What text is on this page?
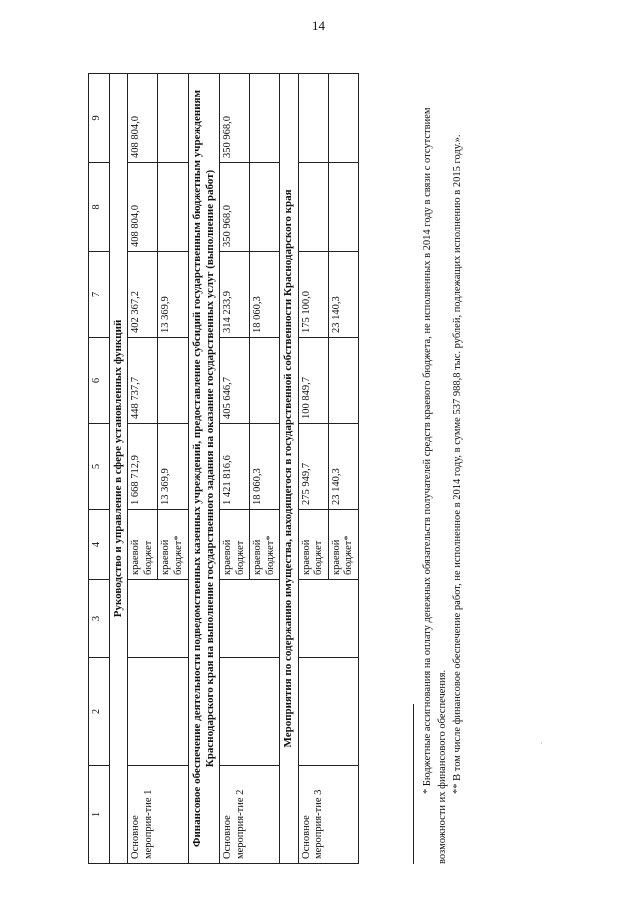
14
1	2	3	4	5	6	7	8	9
Руководство и управление в сфере установленных функций								
Основное мероприя-тие 1			краевой бюджет	1 668 712,9	448 737,7	402 367,2	408 804,0	408 804,0
			краевой бюджет*	13 369,9		13 369,9		
Финансовое обеспечение деятельности подведомственных казенных учреждений, предоставление субсидий государственным бюджетным учреждениям Краснодарского края на выполнение государственного задания на оказание государственных услуг (выполнение работ)								
Основное мероприя-тие 2			краевой бюджет	1 421 816,6	405 646,7	314 233,9	350 968,0	350 968,0
			краевой бюджет*	18 060,3		18 060,3		
Мероприятия по содержанию имущества, находящегося в государственной собственности Краснодарского края								
Основное мероприя-тие 3			краевой бюджет	275 949,7	100 849,7	175 100,0		
			краевой бюджет*	23 140,3		23 140,3			* Бюджетные ассигнования на оплату денежных обязательств получателей средств краевого бюджета, не исполненных в 2014 году в связи с отсутствием возможности их финансового обеспечения. ** В том числе финансовое обеспечение работ, не исполненное в 2014 году, в сумме 537 988,8 тыс. рублей, подлежащих исполнению в 2015 году.».	·
